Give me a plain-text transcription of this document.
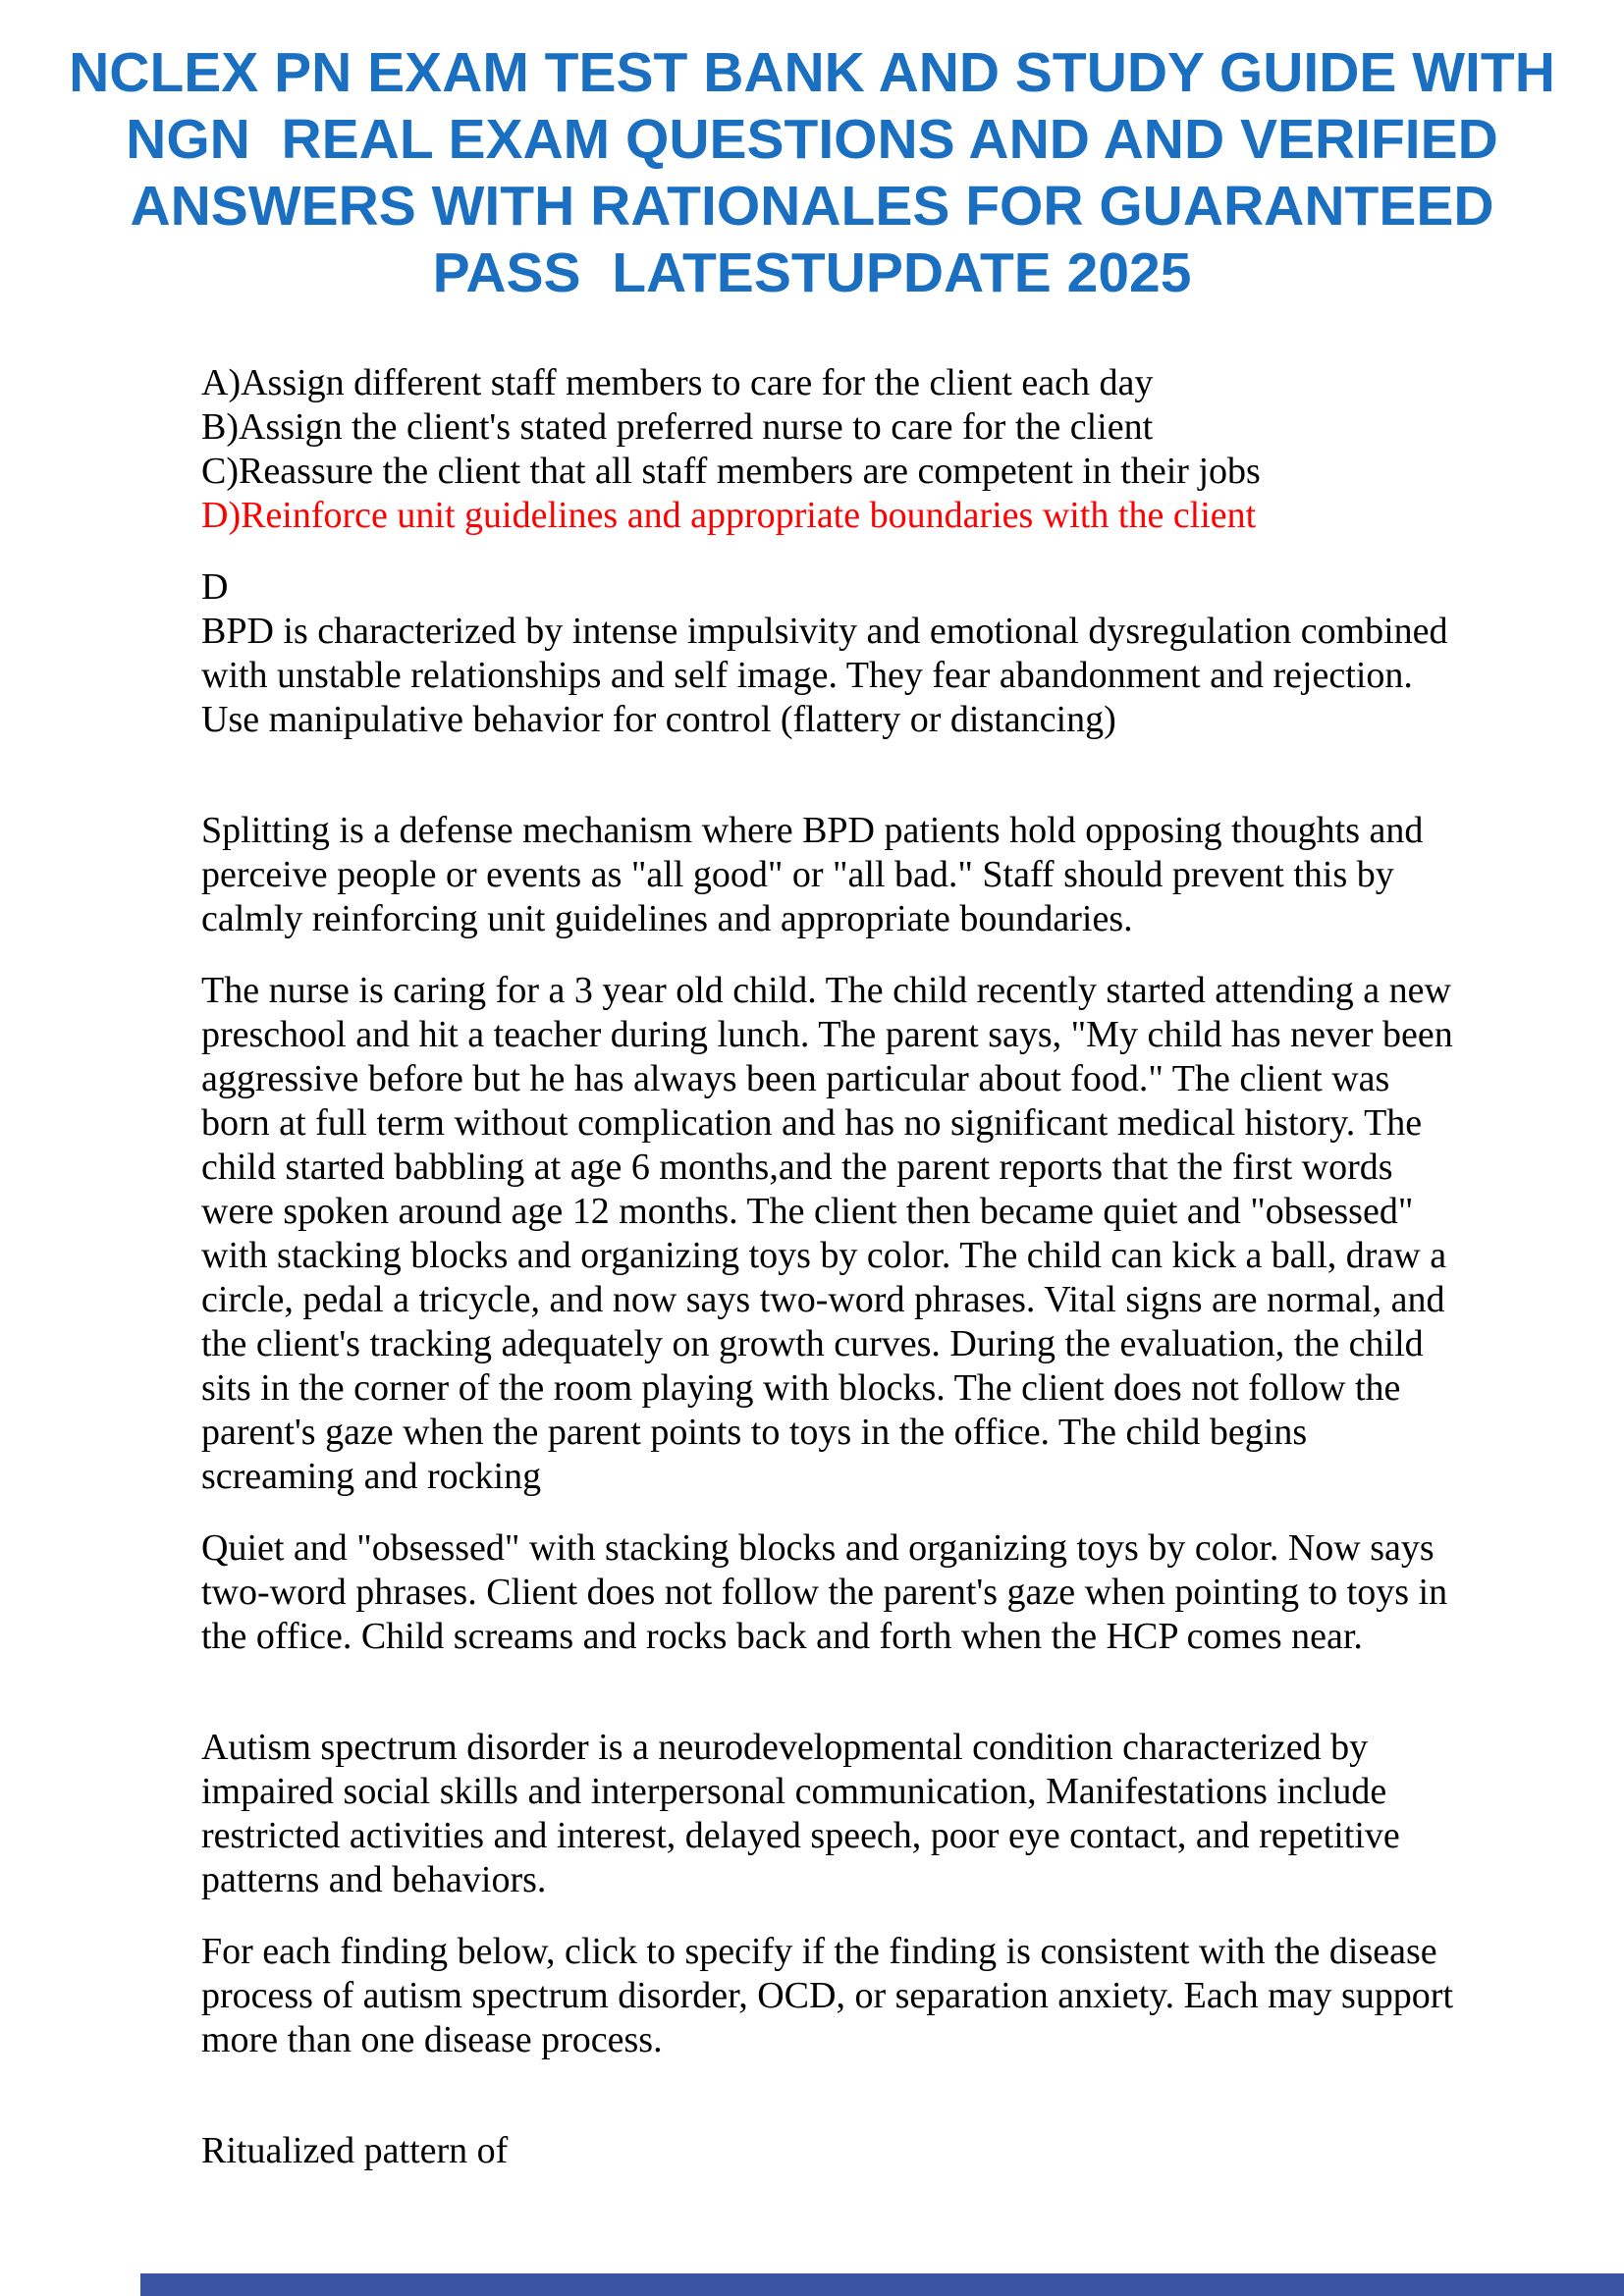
NCLEX PN EXAM TEST BANK AND STUDY GUIDE WITH
NGN  REAL EXAM QUESTIONS AND AND VERIFIED
ANSWERS WITH RATIONALES FOR GUARANTEED
PASS  LATESTUPDATE 2025
A)Assign different staff members to care for the client each day
B)Assign the client's stated preferred nurse to care for the client
C)Reassure the client that all staff members are competent in their jobs
D)Reinforce unit guidelines and appropriate boundaries with the client
D

BPD is characterized by intense impulsivity and emotional dysregulation combined with unstable relationships and self image. They fear abandonment and rejection. Use manipulative behavior for control (flattery or distancing)

Splitting is a defense mechanism where BPD patients hold opposing thoughts and perceive people or events as "all good" or "all bad." Staff should prevent this by calmly reinforcing unit guidelines and appropriate boundaries.

The nurse is caring for a 3 year old child. The child recently started attending a new preschool and hit a teacher during lunch. The parent says, "My child has never been aggressive before but he has always been particular about food." The client was born at full term without complication and has no significant medical history. The child started babbling at age 6 months,and the parent reports that the first words were spoken around age 12 months. The client then became quiet and "obsessed" with stacking blocks and organizing toys by color. The child can kick a ball, draw a circle, pedal a tricycle, and now says two-word phrases. Vital signs are normal, and the client's tracking adequately on growth curves. During the evaluation, the child sits in the corner of the room playing with blocks. The client does not follow the parent's gaze when the parent points to toys in the office. The child begins screaming and rocking

Quiet and "obsessed" with stacking blocks and organizing toys by color. Now says two-word phrases. Client does not follow the parent's gaze when pointing to toys in the office. Child screams and rocks back and forth when the HCP comes near.

Autism spectrum disorder is a neurodevelopmental condition characterized by impaired social skills and interpersonal communication, Manifestations include restricted activities and interest, delayed speech, poor eye contact, and repetitive patterns and behaviors.

For each finding below, click to specify if the finding is consistent with the disease process of autism spectrum disorder, OCD, or separation anxiety. Each may support more than one disease process.

Ritualized pattern of
